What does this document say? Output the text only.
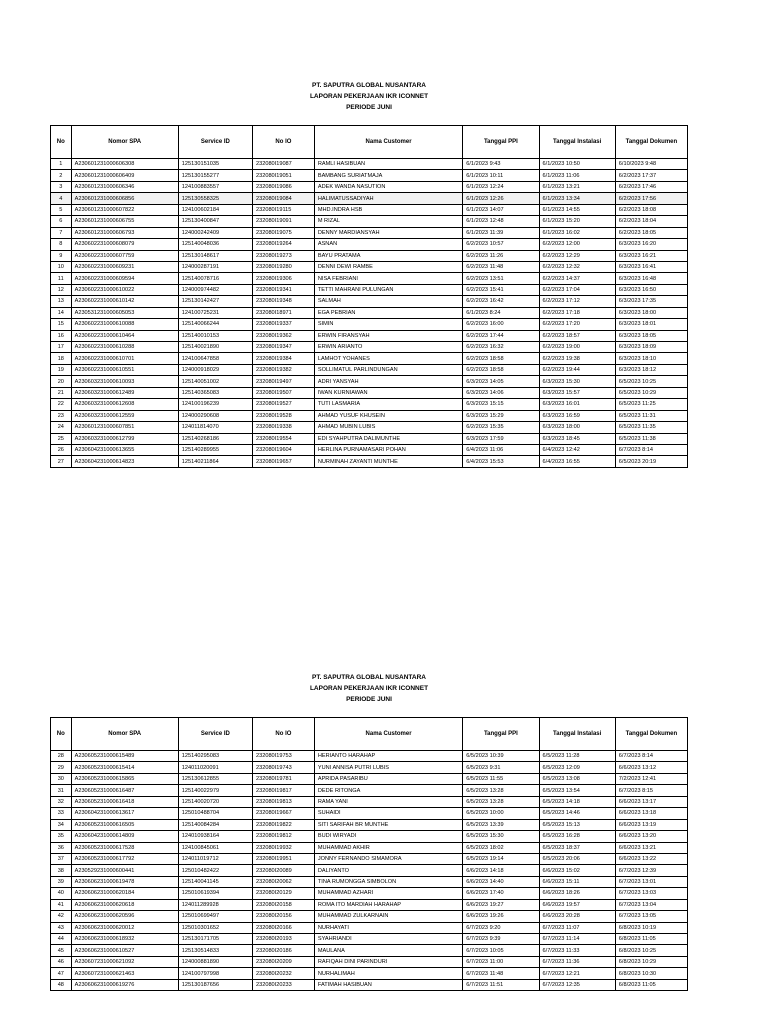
PT. SAPUTRA GLOBAL NUSANTARA
LAPORAN PEKERJAAN IKR ICONNET
PERIODE JUNI
No	Nomor SPA	Service ID	No IO	Nama Customer	Tanggal PPI	Tanggal Instalasi	Tanggal Dokumen
1	A230601231000606308	125130151035	232080I19087	RAMLI HASIBUAN	6/1/2023 9:43	6/1/2023 10:50	6/10/2023 9:48
2	A230601231000606409	125130155277	232080I19051	BAMBANG SURIATMAJA	6/1/2023 10:11	6/1/2023 11:06	6/2/2023 17:37
3	A230601231000606346	124100883557	232080I19086	ADEK WANDA NASUTION	6/1/2023 12:24	6/1/2023 13:21	6/2/2023 17:46
4	A230601231000606856	125130558325	232080I19084	HALIMATUSSADIYAH	6/1/2023 12:26	6/1/2023 13:34	6/2/2023 17:56
5	A230601231000607822	124100602184	232080I19115	MHD.INDRA HSB	6/1/2023 14:07	6/1/2023 14:55	6/2/2023 18:08
6	A230601231000606755	125130400847	232080I19091	M RIZAL	6/1/2023 12:48	6/1/2023 15:20	6/2/2023 18:04
7	A230601231000606793	124000242409	232080I19075	DENNY MARDIANSYAH	6/1/2023 11:39	6/1/2023 16:02	6/2/2023 18:05
8	A230602231000608079	125140048036	232080I19264	ASNAN	6/2/2023 10:57	6/2/2023 12:00	6/3/2023 16:20
9	A230602231000607759	125130148617	232080I19273	BAYU PRATAMA	6/2/2023 11:26	6/2/2023 12:29	6/3/2023 16:21
10	A230602231000609231	124000287191	232080I19280	DENNI DEWI RAMBE	6/2/2023 11:48	6/2/2023 12:32	6/3/2023 16:41
11	A230602231000609594	125140078716	232080I19306	NISA FEBRIANI	6/2/2023 13:51	6/2/2023 14:37	6/3/2023 16:48
12	A230602231000610022	124000974482	232080I19341	TETTI MAHRANI PULUNGAN	6/2/2023 15:41	6/2/2023 17:04	6/3/2023 16:50
13	A230602231000610142	125130142427	232080I19348	SALMAH	6/2/2023 16:42	6/2/2023 17:12	6/3/2023 17:35
14	A230531231000605053	124100725231	232080I18971	EGA PEBRIAN	6/1/2023 8:24	6/2/2023 17:18	6/3/2023 18:00
15	A230602231000610088	125140066244	232080I19337	SIMIN	6/2/2023 16:00	6/2/2023 17:20	6/3/2023 18:01
16	A230602231000610464	125140010153	232080I19362	ERWIN FIRANSYAH	6/2/2023 17:44	6/2/2023 18:57	6/3/2023 18:05
17	A230602231000610288	125140021890	232080I19347	ERWIN ARIANTO	6/2/2023 16:32	6/2/2023 19:00	6/3/2023 18:09
18	A230602231000610701	124100647858	232080I19384	LAMHOT YOHANES	6/2/2023 18:58	6/2/2023 19:38	6/3/2023 18:10
19	A230602231000610551	124000918029	232080I19382	SOLLIMATUL PARLINDUNGAN	6/2/2023 18:58	6/2/2023 19:44	6/3/2023 18:12
20	A230603231000610093	125140051002	232080I19497	ADRI YANSYAH	6/3/2023 14:05	6/3/2023 15:30	6/5/2023 10:25
21	A230603231000612489	125140365083	232080I19507	IWAN KURNIAWAN	6/3/2023 14:06	6/3/2023 15:57	6/5/2023 10:29
22	A230603231000612608	124100196239	232080I19527	TUTI LASMARIA	6/3/2023 15:15	6/3/2023 16:01	6/5/2023 11:25
23	A230603231000612559	124000290608	232080I19528	AHMAD YUSUF KHUSEIN	6/3/2023 15:29	6/3/2023 16:59	6/5/2023 11:31
24	A230601231000607851	124011814070	232080I19338	AHMAD MUBIN LUBIS	6/2/2023 15:35	6/3/2023 18:00	6/5/2023 11:35
25	A230603231000612799	125140268186	232080I19554	EDI SYAHPUTRA DALIMUNTHE	6/3/2023 17:59	6/3/2023 18:45	6/5/2023 11:38
26	A230604231000613655	125140289955	232080I19604	HERLINA PURNAMASARI POHAN	6/4/2023 11:06	6/4/2023 12:42	6/7/2023 8:14
27	A230604231000614823	125140211864	232080I19657	NURMINAH ZAYANTI MUNTHE	6/4/2023 15:53	6/4/2023 16:55	6/5/2023 20:19
PT. SAPUTRA GLOBAL NUSANTARA
LAPORAN PEKERJAAN IKR ICONNET
PERIODE JUNI
No	Nomor SPA	Service ID	No IO	Nama Customer	Tanggal PPI	Tanggal Instalasi	Tanggal Dokumen
28	A230605231000615489	125140295083	232080I19753	HERIANTO HARAHAP	6/5/2023 10:39	6/5/2023 11:28	6/7/2023 8:14
29	A230605231000615414	124011020091	232080I19743	YUNI ANNISA PUTRI LUBIS	6/5/2023 9:31	6/5/2023 12:09	6/6/2023 13:12
30	A230605231000615865	125130612855	232080I19781	APRIDA PASARIBU	6/5/2023 11:55	6/5/2023 13:08	7/2/2023 12:41
31	A230605231000616487	125140022979	232080I19817	DEDE RITONGA	6/5/2023 13:28	6/5/2023 13:54	6/7/2023 8:15
32	A230605231000616418	125140020720	232080I19813	RAMA YANI	6/5/2023 13:28	6/5/2023 14:18	6/6/2023 13:17
33	A230604231000613617	125010488704	232080I19667	SUHAIDI	6/5/2023 10:00	6/5/2023 14:46	6/6/2023 13:18
34	A230605231000616505	125140084284	232080I19822	SITI SARIFAH BR MUNTHE	6/5/2023 13:39	6/5/2023 15:13	6/6/2023 13:19
35	A230604231000614809	124010938164	232080I19812	BUDI WIRYADI	6/5/2023 15:30	6/5/2023 16:28	6/6/2023 13:20
36	A230605231000617528	124100845061	232080I19932	MUHAMMAD AKHIR	6/5/2023 18:02	6/5/2023 18:37	6/6/2023 13:21
37	A230605231000617792	124011019712	232080I19951	JONNY FERNANDO SIMAMORA	6/5/2023 19:14	6/5/2023 20:06	6/6/2023 13:22
38	A230529231000600441	125010482422	232080I20089	DALIYANTO	6/6/2023 14:18	6/6/2023 15:02	6/7/2023 12:39
39	A230606231000619478	125140041145	232080I20062	TINA RUMONGGA SIMBOLON	6/6/2023 14:40	6/6/2023 15:11	6/7/2023 13:01
40	A230606231000620184	125010619394	232080I20129	MUHAMMAD AZHARI	6/6/2023 17:40	6/6/2023 18:26	6/7/2023 13:03
41	A230606231000620618	124011289928	232080I20158	ROMA ITO MARDIAH HARAHAP	6/6/2023 19:27	6/6/2023 19:57	6/7/2023 13:04
42	A230606231000620596	125010699497	232080I20156	MUHAMMAD ZULKARNAIN	6/6/2023 19:26	6/6/2023 20:28	6/7/2023 13:05
43	A230606231000620012	125010301652	232080I20166	NURHAYATI	6/7/2023 9:20	6/7/2023 11:07	6/8/2023 10:19
44	A230606231000618932	125130171705	232080I20193	SYAHRIANDI	6/7/2023 9:39	6/7/2023 11:14	6/8/2023 11:05
45	A230606231000610527	125130514833	232080I20186	MAULANA	6/7/2023 10:05	6/7/2023 11:33	6/8/2023 10:25
46	A230607231000621092	124000881890	232080I20209	RAFIQAH DINI PARINDURI	6/7/2023 11:00	6/7/2023 11:36	6/8/2023 10:29
47	A230607231000621463	124100797998	232080I20232	NURHALIMAH	6/7/2023 11:48	6/7/2023 12:21	6/8/2023 10:30
48	A230606231000619276	125130187656	232080I20233	FATIMAH HASIBUAN	6/7/2023 11:51	6/7/2023 12:35	6/8/2023 11:05
